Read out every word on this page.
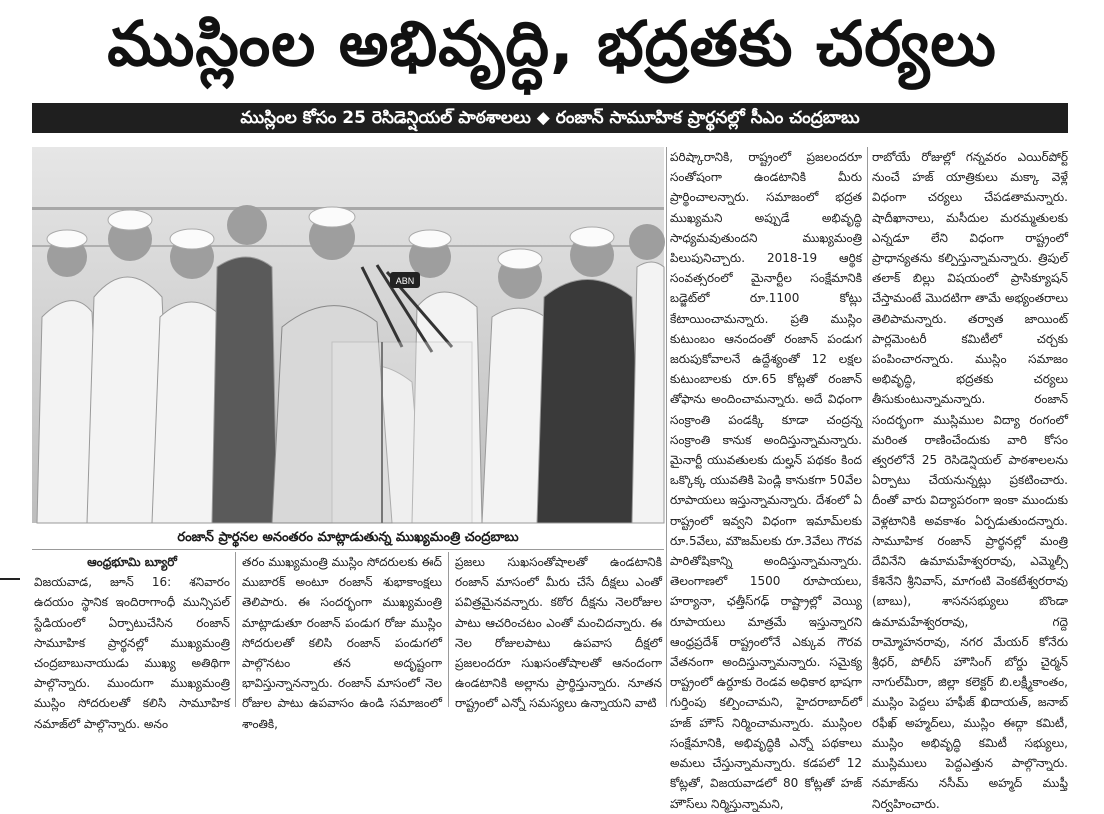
ముస్లింల అభివృద్ధి, భద్రతకు చర్యలు
ముస్లింల కోసం 25 రెసిడెన్షియల్ పాఠశాలలు ◆ రంజాన్ సామూహిక ప్రార్థనల్లో సీఎం చంద్రబాబు
ABN
రంజాన్ ప్రార్థనల అనంతరం మాట్లాడుతున్న ముఖ్యమంత్రి చంద్రబాబు
ఆంధ్రభూమి బ్యూరో
విజయవాడ, జూన్ 16: శనివారం ఉదయం స్థానిక ఇందిరాగాంధీ మున్సిపల్ స్టేడియంలో ఏర్పాటుచేసిన రంజాన్ సామూహిక ప్రార్థనల్లో ముఖ్యమంత్రి చంద్రబాబునాయుడు ముఖ్య అతిథిగా పాల్గొన్నారు. ముందుగా ముఖ్యమంత్రి ముస్లిం సోదరులతో కలిసి సామూహిక నమాజ్‌లో పాల్గొన్నారు. అనం
తరం ముఖ్యమంత్రి ముస్లిం సోదరులకు ఈద్ ముబారక్ అంటూ రంజాన్ శుభాకాంక్షలు తెలిపారు. ఈ సందర్భంగా ముఖ్యమంత్రి మాట్లాడుతూ రంజాన్ పండుగ రోజు ముస్లిం సోదరులతో కలిసి రంజాన్ పండుగలో పాల్గొనటం తన అదృష్టంగా భావిస్తున్నానన్నారు. రంజాన్ మాసంలో నెల రోజుల పాటు ఉపవాసం ఉండి సమాజంలో శాంతికి,
ప్రజలు సుఖసంతోషాలతో ఉండటానికి రంజాన్ మాసంలో మీరు చేసే దీక్షలు ఎంతో పవిత్రమైనవన్నారు. కఠోర దీక్షను నెలరోజుల పాటు ఆచరించటం ఎంతో మంచిదన్నారు. ఈ నెల రోజులపాటు ఉపవాస దీక్షలో ప్రజలందరూ సుఖసంతోషాలతో ఆనందంగా ఉండటానికి అల్లాను ప్రార్థిస్తున్నారు. నూతన రాష్ట్రంలో ఎన్నో సమస్యలు ఉన్నాయని వాటి
పరిష్కారానికి, రాష్ట్రంలో ప్రజలందరూ సంతోషంగా ఉండటానికి మీరు ప్రార్థించాలన్నారు. సమాజంలో భద్రత ముఖ్యమని అప్పుడే అభివృద్ధి సాధ్యమవుతుందని ముఖ్యమంత్రి పిలుపునిచ్చారు. 2018-19 ఆర్థిక సంవత్సరంలో మైనార్టీల సంక్షేమానికి బడ్జెట్‌లో రూ.1100 కోట్లు కేటాయించామన్నారు. ప్రతి ముస్లిం కుటుంబం ఆనందంతో రంజాన్ పండుగ జరుపుకోవాలనే ఉద్దేశ్యంతో 12 లక్షల కుటుంబాలకు రూ.65 కోట్లతో రంజాన్ తోఫాను అందించామన్నారు. అదే విధంగా సంక్రాంతి పండక్కి కూడా చంద్రన్న సంక్రాంతి కానుక అందిస్తున్నామన్నారు. మైనార్టీ యువతులకు దుల్హన్ పథకం కింద ఒక్కొక్క యువతికి పెండ్లి కానుకగా 50వేల రూపాయలు ఇస్తున్నామన్నారు. దేశంలో ఏ రాష్ట్రంలో ఇవ్వని విధంగా ఇమామ్‌లకు రూ.5వేలు, మౌజమ్‌లకు రూ.3వేలు గౌరవ పారితోషికాన్ని అందిస్తున్నామన్నారు. తెలంగాణలో 1500 రూపాయలు, హర్యానా, ఛత్తీస్‌గఢ్ రాష్ట్రాల్లో వెయ్యి రూపాయలు మాత్రమే ఇస్తున్నారని ఆంధ్రప్రదేశ్ రాష్ట్రంలోనే ఎక్కువ గౌరవ వేతనంగా అందిస్తున్నామన్నారు. సమైక్య రాష్ట్రంలో ఉర్దూకు రెండవ అధికార భాషగా గుర్తింపు కల్పించామని, హైదరాబాద్‌లో హజ్ హౌస్ నిర్మించామన్నారు. ముస్లింల సంక్షేమానికి, అభివృద్ధికి ఎన్నో పథకాలు అమలు చేస్తున్నామన్నారు. కడపలో 12 కోట్లతో, విజయవాడలో 80 కోట్లతో హజ్ హౌస్‌లు నిర్మిస్తున్నామని,
రాబోయే రోజుల్లో గన్నవరం ఎయిర్‌పోర్ట్ నుంచే హజ్ యాత్రికులు మక్కా వెళ్లే విధంగా చర్యలు చేపడతామన్నారు. షాదీఖానాలు, మసీదుల మరమ్మతులకు ఎన్నడూ లేని విధంగా రాష్ట్రంలో ప్రాధాన్యతను కల్పిస్తున్నామన్నారు. త్రిపుల్ తలాక్ బిల్లు విషయంలో ప్రాసిక్యూషన్ చేస్తామంటే మొదటిగా తామే అభ్యంతరాలు తెలిపామన్నారు. తర్వాత జాయింట్ పార్లమెంటరీ కమిటీలో చర్చకు పంపించారన్నారు. ముస్లిం సమాజం అభివృద్ధి, భద్రతకు చర్యలు తీసుకుంటున్నామన్నారు. రంజాన్ సందర్భంగా ముస్లిముల విద్యా రంగంలో మరింత రాణించేందుకు వారి కోసం త్వరలోనే 25 రెసిడెన్షియల్ పాఠశాలలను ఏర్పాటు చేయనున్నట్లు ప్రకటించారు. దీంతో వారు విద్యాపరంగా ఇంకా ముందుకు వెళ్లటానికి అవకాశం ఏర్పడుతుందన్నారు. సామూహిక రంజాన్ ప్రార్థనల్లో మంత్రి దేవినేని ఉమామహేశ్వరరావు, ఎమ్మెల్సీ కేశినేని శ్రీనివాస్, మాగంటి వెంకటేశ్వరరావు (బాబు), శాసనసభ్యులు బొండా ఉమామహేశ్వరరావు, గద్దె రామ్మోహనరావు, నగర మేయర్ కోనేరు శ్రీధర్, పోలీస్ హౌసింగ్ బోర్డు చైర్మన్ నాగుల్‌మీరా, జిల్లా కలెక్టర్ బి.లక్ష్మీకాంతం, ముస్లిం పెద్దలు హఫీజ్ ఖిదాయత్, జనాబ్ రఫీఖ్ అహ్మద్‌లు, ముస్లిం ఈద్గా కమిటీ, ముస్లిం అభివృద్ధి కమిటీ సభ్యులు, ముస్లిములు పెద్దఎత్తున పాల్గొన్నారు. నమాజ్‌ను నసీమ్ అహ్మద్ ముఫ్తీ నిర్వహించారు.
